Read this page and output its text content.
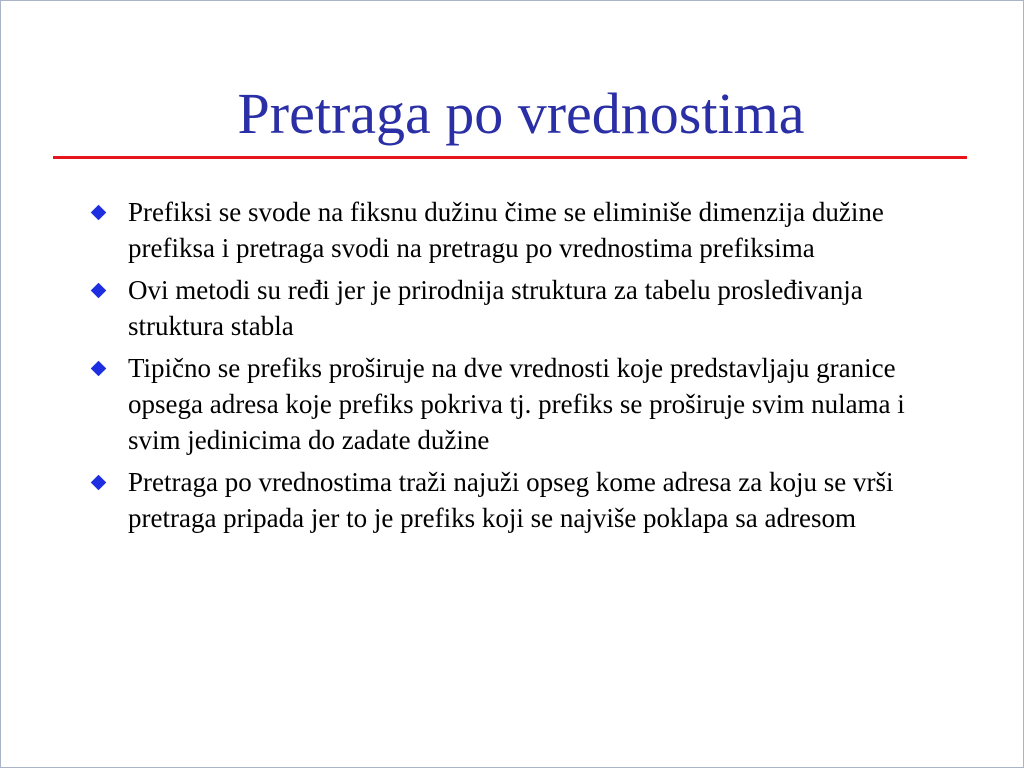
Pretraga po vrednostima
Prefiksi se svode na fiksnu dužinu čime se eliminiše dimenzija dužine prefiksa i pretraga svodi na pretragu po vrednostima prefiksima
Ovi metodi su ređi jer je prirodnija struktura za tabelu prosleđivanja struktura stabla
Tipično se prefiks proširuje na dve vrednosti koje predstavljaju granice opsega adresa koje prefiks pokriva tj. prefiks se proširuje svim nulama i svim jedinicima do zadate dužine
Pretraga po vrednostima traži najuži opseg kome adresa za koju se vrši pretraga pripada jer to je prefiks koji se najviše poklapa sa adresom
